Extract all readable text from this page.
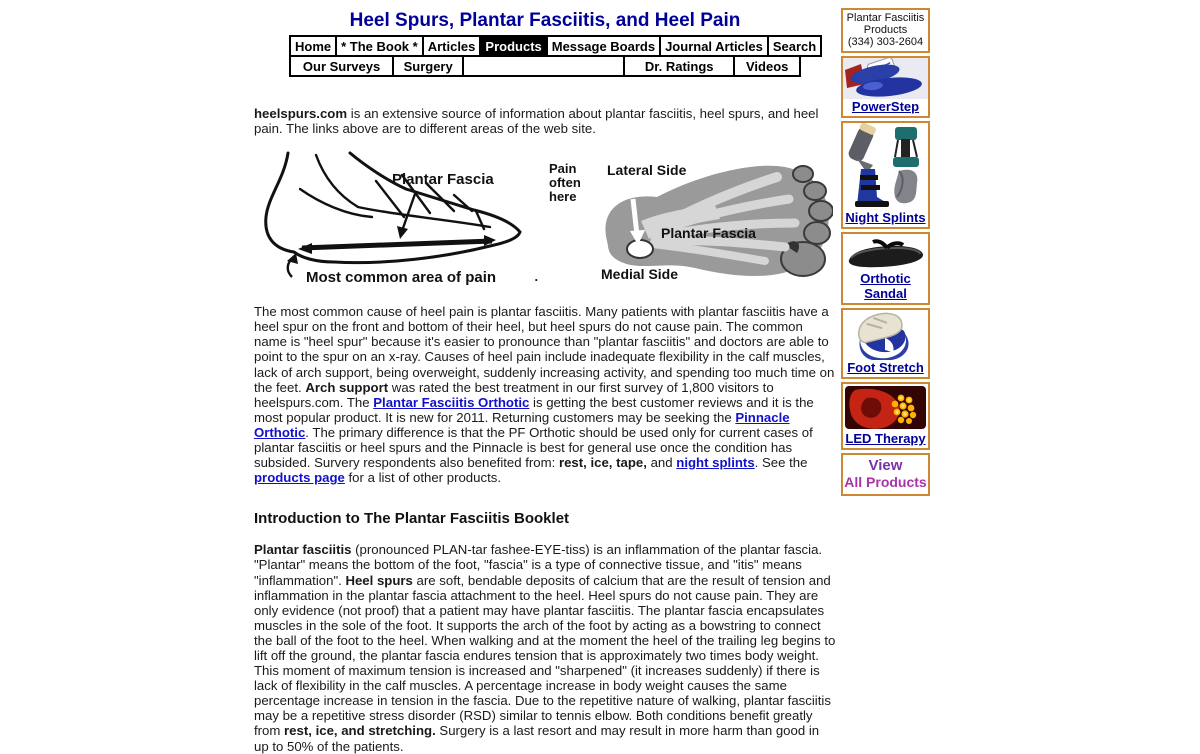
Heel Spurs, Plantar Fasciitis, and Heel Pain
Home	* The Book *	Articles	Products	Message Boards	Journal Articles	Search
Our Surveys	Surgery		Dr. Ratings	Videos

heelspurs.com is an extensive source of information about plantar fasciitis, heel spurs, and heel pain. The links above are to different areas of the web site.

Plantar Fascia
Most common area of pain	.
Pain
often
here
Lateral Side
Plantar Fascia
Medial Side

The most common cause of heel pain is plantar fasciitis. Many patients with plantar fasciitis have a heel spur on the front and bottom of their heel, but heel spurs do not cause pain. The common name is "heel spur" because it's easier to pronounce than "plantar fasciitis" and doctors are able to point to the spur on an x-ray. Causes of heel pain include inadequate flexibility in the calf muscles, lack of arch support, being overweight, suddenly increasing activity, and spending too much time on the feet. Arch support was rated the best treatment in our first survey of 1,800 visitors to heelspurs.com. The Plantar Fasciitis Orthotic is getting the best customer reviews and it is the most popular product. It is new for 2011. Returning customers may be seeking the Pinnacle Orthotic. The primary difference is that the PF Orthotic should be used only for current cases of plantar fasciitis or heel spurs and the Pinnacle is best for general use once the condition has subsided. Survery respondents also benefited from: rest, ice, tape, and night splints. See the products page for a list of other products.

Introduction to The Plantar Fasciitis Booklet

Plantar fasciitis (pronounced PLAN-tar fashee-EYE-tiss) is an inflammation of the plantar fascia. "Plantar" means the bottom of the foot, "fascia" is a type of connective tissue, and "itis" means "inflammation". Heel spurs are soft, bendable deposits of calcium that are the result of tension and inflammation in the plantar fascia attachment to the heel. Heel spurs do not cause pain. They are only evidence (not proof) that a patient may have plantar fasciitis. The plantar fascia encapsulates muscles in the sole of the foot. It supports the arch of the foot by acting as a bowstring to connect the ball of the foot to the heel. When walking and at the moment the heel of the trailing leg begins to lift off the ground, the plantar fascia endures tension that is approximately two times body weight. This moment of maximum tension is increased and "sharpened" (it increases suddenly) if there is lack of flexibility in the calf muscles. A percentage increase in body weight causes the same percentage increase in tension in the fascia. Due to the repetitive nature of walking, plantar fasciitis may be a repetitive stress disorder (RSD) similar to tennis elbow. Both conditions benefit greatly from rest, ice, and stretching. Surgery is a last resort and may result in more harm than good in up to 50% of the patients.

Plantar Fasciitis
Products
(334) 303-2604
PowerStep
Night Splints
Orthotic
Sandal
Foot Stretch
LED Therapy
View
All Products
